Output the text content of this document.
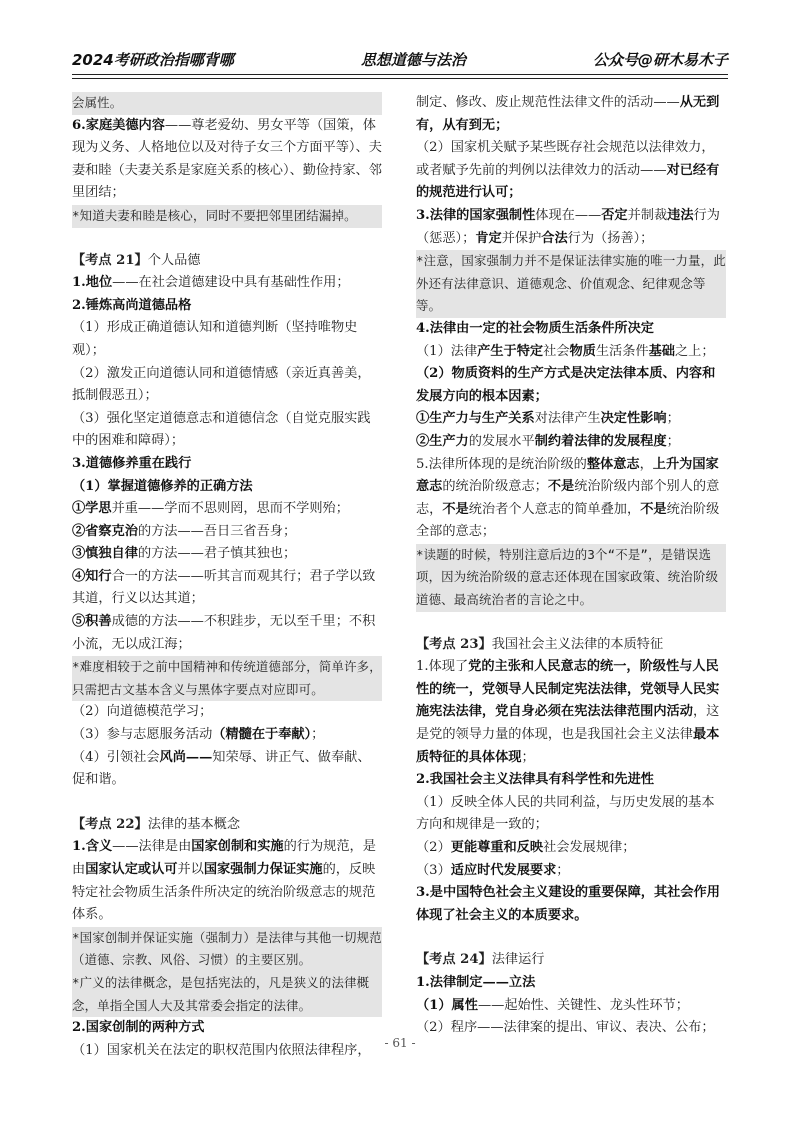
2024考研政治指哪背哪	思想道德与法治	公众号@研木易木子

会属性。

6.家庭美德内容——尊老爱幼、男女平等（国策，体现为义务、人格地位以及对待子女三个方面平等）、夫妻和睦（夫妻关系是家庭关系的核心）、勤俭持家、邻里团结；

*知道夫妻和睦是核心，同时不要把邻里团结漏掉。

【考点 21】个人品德

1.地位——在社会道德建设中具有基础性作用；

2.锤炼高尚道德品格

（1）形成正确道德认知和道德判断（坚持唯物史观）；

（2）激发正向道德认同和道德情感（亲近真善美，抵制假恶丑）；

（3）强化坚定道德意志和道德信念（自觉克服实践中的困难和障碍）；

3.道德修养重在践行

（1）掌握道德修养的正确方法

①学思并重——学而不思则罔，思而不学则殆；

②省察克治的方法——吾日三省吾身；

③慎独自律的方法——君子慎其独也；

④知行合一的方法——听其言而观其行；君子学以致其道，行义以达其道；

⑤积善成德的方法——不积跬步，无以至千里；不积小流，无以成江海；

*难度相较于之前中国精神和传统道德部分，简单许多，只需把古文基本含义与黑体字要点对应即可。

（2）向道德模范学习；

（3）参与志愿服务活动（精髓在于奉献）；

（4）引领社会风尚——知荣辱、讲正气、做奉献、促和谐。

【考点 22】法律的基本概念

1.含义——法律是由国家创制和实施的行为规范，是由国家认定或认可并以国家强制力保证实施的，反映特定社会物质生活条件所决定的统治阶级意志的规范体系。

*国家创制并保证实施（强制力）是法律与其他一切规范（道德、宗教、风俗、习惯）的主要区别。

*广义的法律概念，是包括宪法的，凡是狭义的法律概念，单指全国人大及其常委会指定的法律。

2.国家创制的两种方式

（1）国家机关在法定的职权范围内依照法律程序，

制定、修改、废止规范性法律文件的活动——从无到有，从有到无；

（2）国家机关赋予某些既存社会规范以法律效力，或者赋予先前的判例以法律效力的活动——对已经有的规范进行认可；

3.法律的国家强制性体现在——否定并制裁违法行为（惩恶）；肯定并保护合法行为（扬善）；

*注意，国家强制力并不是保证法律实施的唯一力量，此外还有法律意识、道德观念、价值观念、纪律观念等等。

4.法律由一定的社会物质生活条件所决定

（1）法律产生于特定社会物质生活条件基础之上；

（2）物质资料的生产方式是决定法律本质、内容和发展方向的根本因素；

①生产力与生产关系对法律产生决定性影响；

②生产力的发展水平制约着法律的发展程度；

5.法律所体现的是统治阶级的整体意志，上升为国家意志的统治阶级意志；不是统治阶级内部个别人的意志，不是统治者个人意志的简单叠加，不是统治阶级全部的意志；

*读题的时候，特别注意后边的3个“不是”，是错误选项，因为统治阶级的意志还体现在国家政策、统治阶级道德、最高统治者的言论之中。

【考点 23】我国社会主义法律的本质特征

1.体现了党的主张和人民意志的统一，阶级性与人民性的统一，党领导人民制定宪法法律，党领导人民实施宪法法律，党自身必须在宪法法律范围内活动，这是党的领导力量的体现，也是我国社会主义法律最本质特征的具体体现；

2.我国社会主义法律具有科学性和先进性

（1）反映全体人民的共同利益，与历史发展的基本方向和规律是一致的；

（2）更能尊重和反映社会发展规律；

（3）适应时代发展要求；

3.是中国特色社会主义建设的重要保障，其社会作用体现了社会主义的本质要求。

【考点 24】法律运行

1.法律制定——立法

（1）属性——起始性、关键性、龙头性环节；

（2）程序——法律案的提出、审议、表决、公布；

- 61 -
